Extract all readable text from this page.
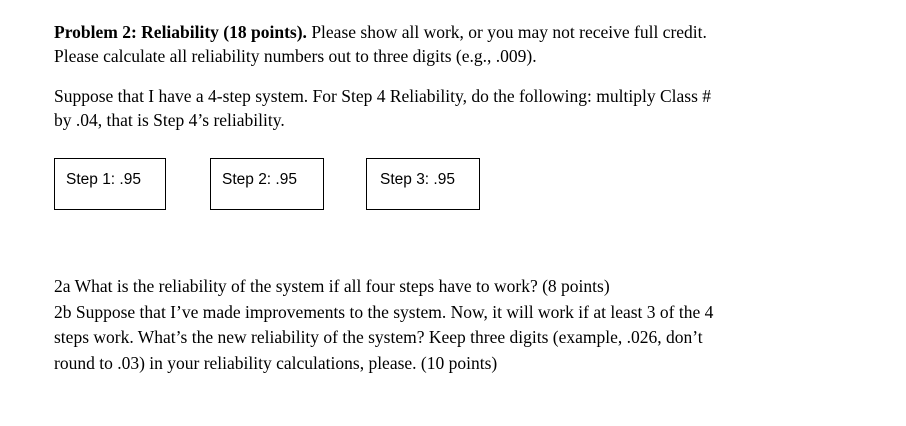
Problem 2: Reliability (18 points). Please show all work, or you may not receive full credit.
Please calculate all reliability numbers out to three digits (e.g., .009).
Suppose that I have a 4-step system. For Step 4 Reliability, do the following: multiply Class #
by .04, that is Step 4’s reliability.
Step 1: .95	Step 2: .95	Step 3: .95
2a What is the reliability of the system if all four steps have to work? (8 points)
2b Suppose that I’ve made improvements to the system. Now, it will work if at least 3 of the 4
steps work. What’s the new reliability of the system? Keep three digits (example, .026, don’t
round to .03) in your reliability calculations, please. (10 points)
